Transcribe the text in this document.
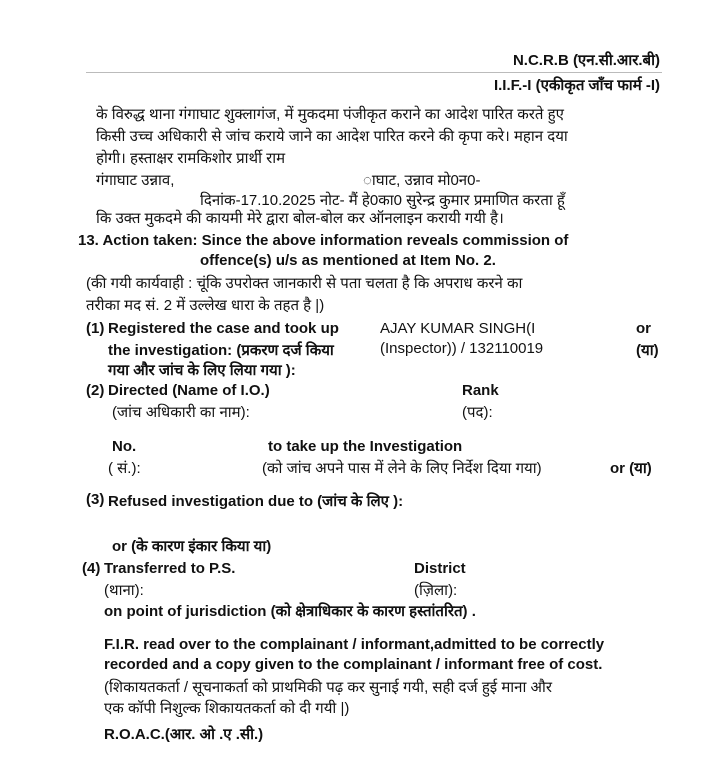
N.C.R.B (एन.सी.आर.बी)
I.I.F.-I (एकीकृत जाँच फार्म -I)
के विरुद्ध थाना गंगाघाट शुक्लागंज, में मुकदमा पंजीकृत कराने का आदेश पारित करते हुए
किसी उच्च अधिकारी से जांच कराये जाने का आदेश पारित करने की कृपा करे। महान दया
होगी। हस्ताक्षर रामकिशोर प्रार्थी राम
गंगाघाट उन्नाव,	ाघाट, उन्नाव मो0न0-
दिनांक-17.10.2025 नोट- मैं हे0का0 सुरेन्द्र कुमार प्रमाणित करता हूँ
कि उक्त मुकदमे की कायमी मेरे द्वारा बोल-बोल कर ऑनलाइन करायी गयी है।
13. Action taken: Since the above information reveals commission of
offence(s) u/s as mentioned at Item No. 2.
(की गयी कार्यवाही : चूंकि उपरोक्त जानकारी से पता चलता है कि अपराध करने का
तरीका मद सं. 2 में उल्लेख धारा के तहत है |)
(1) Registered the case and took up
the investigation: (प्रकरण दर्ज किया
गया और जांच के लिए लिया गया ):
AJAY KUMAR SINGH(I
(Inspector)) / 132110019
or
(या)
(2) Directed (Name of I.O.)
(जांच अधिकारी का नाम):
Rank
(पद):
No.
( सं.):
to take up the Investigation
(को जांच अपने पास में लेने के लिए निर्देश दिया गया)	or (या)
(3) Refused investigation due to (जांच के लिए ):
or (के कारण इंकार किया या)
(4) Transferred to P.S.
(थाना):
District
(ज़िला):
on point of jurisdiction (को क्षेत्राधिकार के कारण हस्तांतरित) .
F.I.R. read over to the complainant / informant,admitted to be correctly
recorded and a copy given to the complainant / informant free of cost.
(शिकायतकर्ता / सूचनाकर्ता को प्राथमिकी पढ़ कर सुनाई गयी, सही दर्ज हुई माना और
एक कॉपी निशुल्क शिकायतकर्ता को दी गयी |)
R.O.A.C.(आर. ओ .ए .सी.)
